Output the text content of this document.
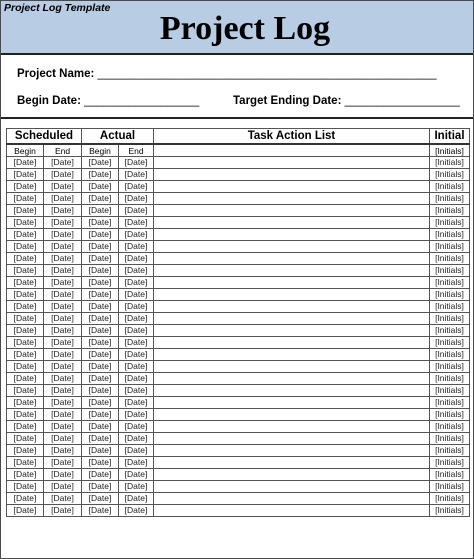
Project Log Template
Project Log
Project Name: _____________________________________________________
Begin Date: __________________	Target Ending Date: __________________
Scheduled		Actual		Task Action List	Initial
Begin	End	Begin	End		[Initials]
[Date]	[Date]	[Date]	[Date]		[Initials]
[Date]	[Date]	[Date]	[Date]		[Initials]
[Date]	[Date]	[Date]	[Date]		[Initials]
[Date]	[Date]	[Date]	[Date]		[Initials]
[Date]	[Date]	[Date]	[Date]		[Initials]
[Date]	[Date]	[Date]	[Date]		[Initials]
[Date]	[Date]	[Date]	[Date]		[Initials]
[Date]	[Date]	[Date]	[Date]		[Initials]
[Date]	[Date]	[Date]	[Date]		[Initials]
[Date]	[Date]	[Date]	[Date]		[Initials]
[Date]	[Date]	[Date]	[Date]		[Initials]
[Date]	[Date]	[Date]	[Date]		[Initials]
[Date]	[Date]	[Date]	[Date]		[Initials]
[Date]	[Date]	[Date]	[Date]		[Initials]
[Date]	[Date]	[Date]	[Date]		[Initials]
[Date]	[Date]	[Date]	[Date]		[Initials]
[Date]	[Date]	[Date]	[Date]		[Initials]
[Date]	[Date]	[Date]	[Date]		[Initials]
[Date]	[Date]	[Date]	[Date]		[Initials]
[Date]	[Date]	[Date]	[Date]		[Initials]
[Date]	[Date]	[Date]	[Date]		[Initials]
[Date]	[Date]	[Date]	[Date]		[Initials]
[Date]	[Date]	[Date]	[Date]		[Initials]
[Date]	[Date]	[Date]	[Date]		[Initials]
[Date]	[Date]	[Date]	[Date]		[Initials]
[Date]	[Date]	[Date]	[Date]		[Initials]
[Date]	[Date]	[Date]	[Date]		[Initials]
[Date]	[Date]	[Date]	[Date]		[Initials]
[Date]	[Date]	[Date]	[Date]		[Initials]
[Date]	[Date]	[Date]	[Date]		[Initials]
